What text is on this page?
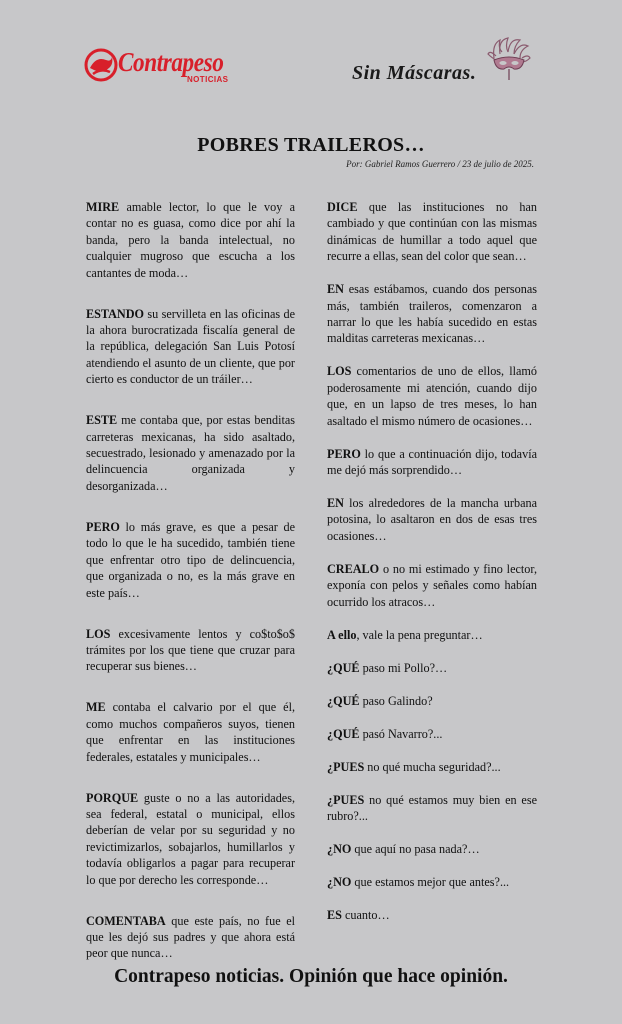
Contrapeso
NOTICIAS	Sin Máscaras.
POBRES TRAILEROS…
Por: Gabriel Ramos Guerrero / 23 de julio de 2025.

MIRE amable lector, lo que le voy a contar no es guasa, como dice por ahí la banda, pero la banda intelectual, no cualquier mugroso que escucha a los cantantes de moda…

ESTANDO su servilleta en las oficinas de la ahora burocratizada fiscalía general de la república, delegación San Luis Potosí atendiendo el asunto de un cliente, que por cierto es conductor de un tráiler…

ESTE me contaba que, por estas benditas carreteras mexicanas, ha sido asaltado, secuestrado, lesionado y amenazado por la delincuencia organizada y desorganizada…

PERO lo más grave, es que a pesar de todo lo que le ha sucedido, también tiene que enfrentar otro tipo de delincuencia, que organizada o no, es la más grave en este país…

LOS excesivamente lentos y co$to$o$ trámites por los que tiene que cruzar para recuperar sus bienes…

ME contaba el calvario por el que él, como muchos compañeros suyos, tienen que enfrentar en las instituciones federales, estatales y municipales…

PORQUE guste o no a las autoridades, sea federal, estatal o municipal, ellos deberían de velar por su seguridad y no revictimizarlos, sobajarlos, humillarlos y todavía obligarlos a pagar para recuperar lo que por derecho les corresponde…

COMENTABA que este país, no fue el que les dejó sus padres y que ahora está peor que nunca…

DICE que las instituciones no han cambiado y que continúan con las mismas dinámicas de humillar a todo aquel que recurre a ellas, sean del color que sean…

EN esas estábamos, cuando dos personas más, también traileros, comenzaron a narrar lo que les había sucedido en estas malditas carreteras mexicanas…

LOS comentarios de uno de ellos, llamó poderosamente mi atención, cuando dijo que, en un lapso de tres meses, lo han asaltado el mismo número de ocasiones…

PERO lo que a continuación dijo, todavía me dejó más sorprendido…

EN los alrededores de la mancha urbana potosina, lo asaltaron en dos de esas tres ocasiones…

CREALO o no mi estimado y fino lector, exponía con pelos y señales como habían ocurrido los atracos…

A ello, vale la pena preguntar…

¿QUÉ paso mi Pollo?…

¿QUÉ paso Galindo?

¿QUÉ pasó Navarro?...

¿PUES no qué mucha seguridad?...

¿PUES no qué estamos muy bien en ese rubro?...

¿NO que aquí no pasa nada?…

¿NO que estamos mejor que antes?...

ES cuanto…

Contrapeso noticias. Opinión que hace opinión.
